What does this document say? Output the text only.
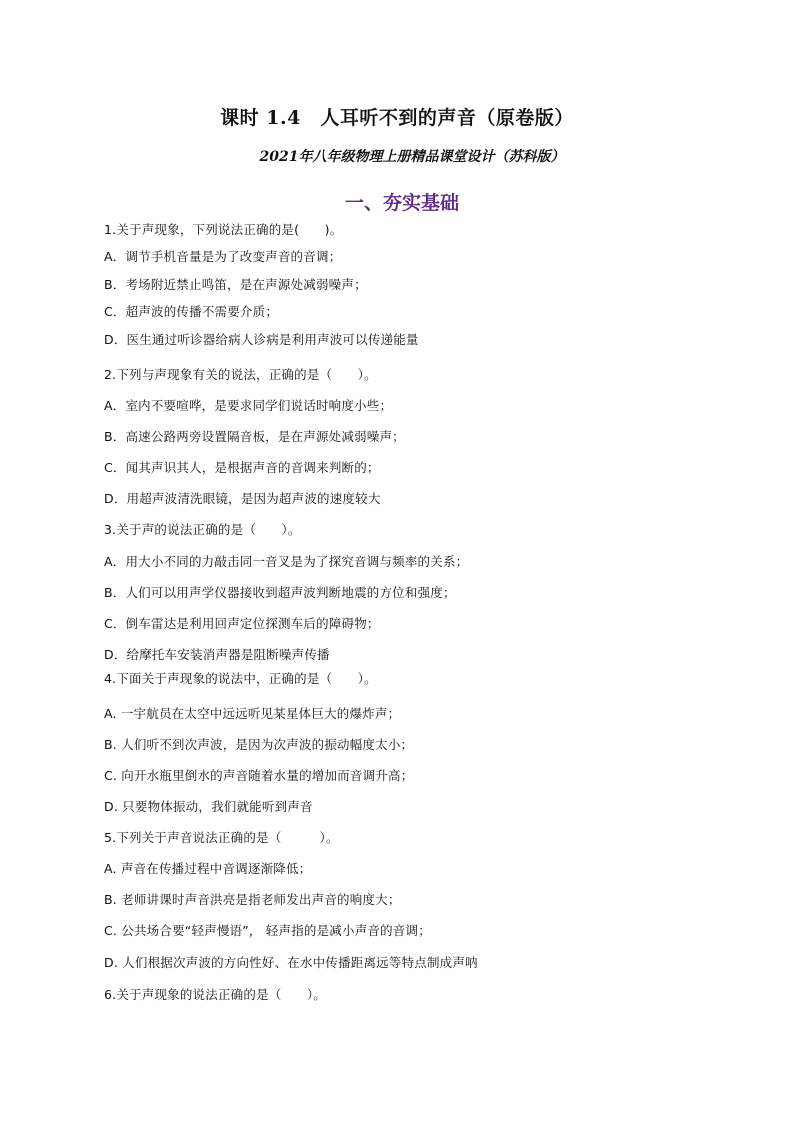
课时 1.4　人耳听不到的声音（原卷版）
2021年八年级物理上册精品课堂设计（苏科版）
一、夯实基础
1.关于声现象，下列说法正确的是(　　)。
A．调节手机音量是为了改变声音的音调；
B．考场附近禁止鸣笛，是在声源处减弱噪声；
C．超声波的传播不需要介质；
D．医生通过听诊器给病人诊病是利用声波可以传递能量
2.下列与声现象有关的说法，正确的是（　　）。
A．室内不要喧哗，是要求同学们说话时响度小些；
B．高速公路两旁设置隔音板，是在声源处减弱噪声；
C．闻其声识其人，是根据声音的音调来判断的；
D．用超声波清洗眼镜，是因为超声波的速度较大
3.关于声的说法正确的是（　　）。
A．用大小不同的力敲击同一音叉是为了探究音调与频率的关系；
B．人们可以用声学仪器接收到超声波判断地震的方位和强度；
C．倒车雷达是利用回声定位探测车后的障碍物；
D．给摩托车安装消声器是阻断噪声传播
4.下面关于声现象的说法中，正确的是（　　）。
A. 一宇航员在太空中远远听见某星体巨大的爆炸声；
B. 人们听不到次声波，是因为次声波的振动幅度太小；
C. 向开水瓶里倒水的声音随着水量的增加而音调升高；
D. 只要物体振动，我们就能听到声音
5.下列关于声音说法正确的是（　　　）。
A. 声音在传播过程中音调逐渐降低；
B. 老师讲课时声音洪亮是指老师发出声音的响度大；
C. 公共场合要“轻声慢语”， 轻声指的是减小声音的音调；
D. 人们根据次声波的方向性好、在水中传播距离远等特点制成声呐
6.关于声现象的说法正确的是（　　）。
